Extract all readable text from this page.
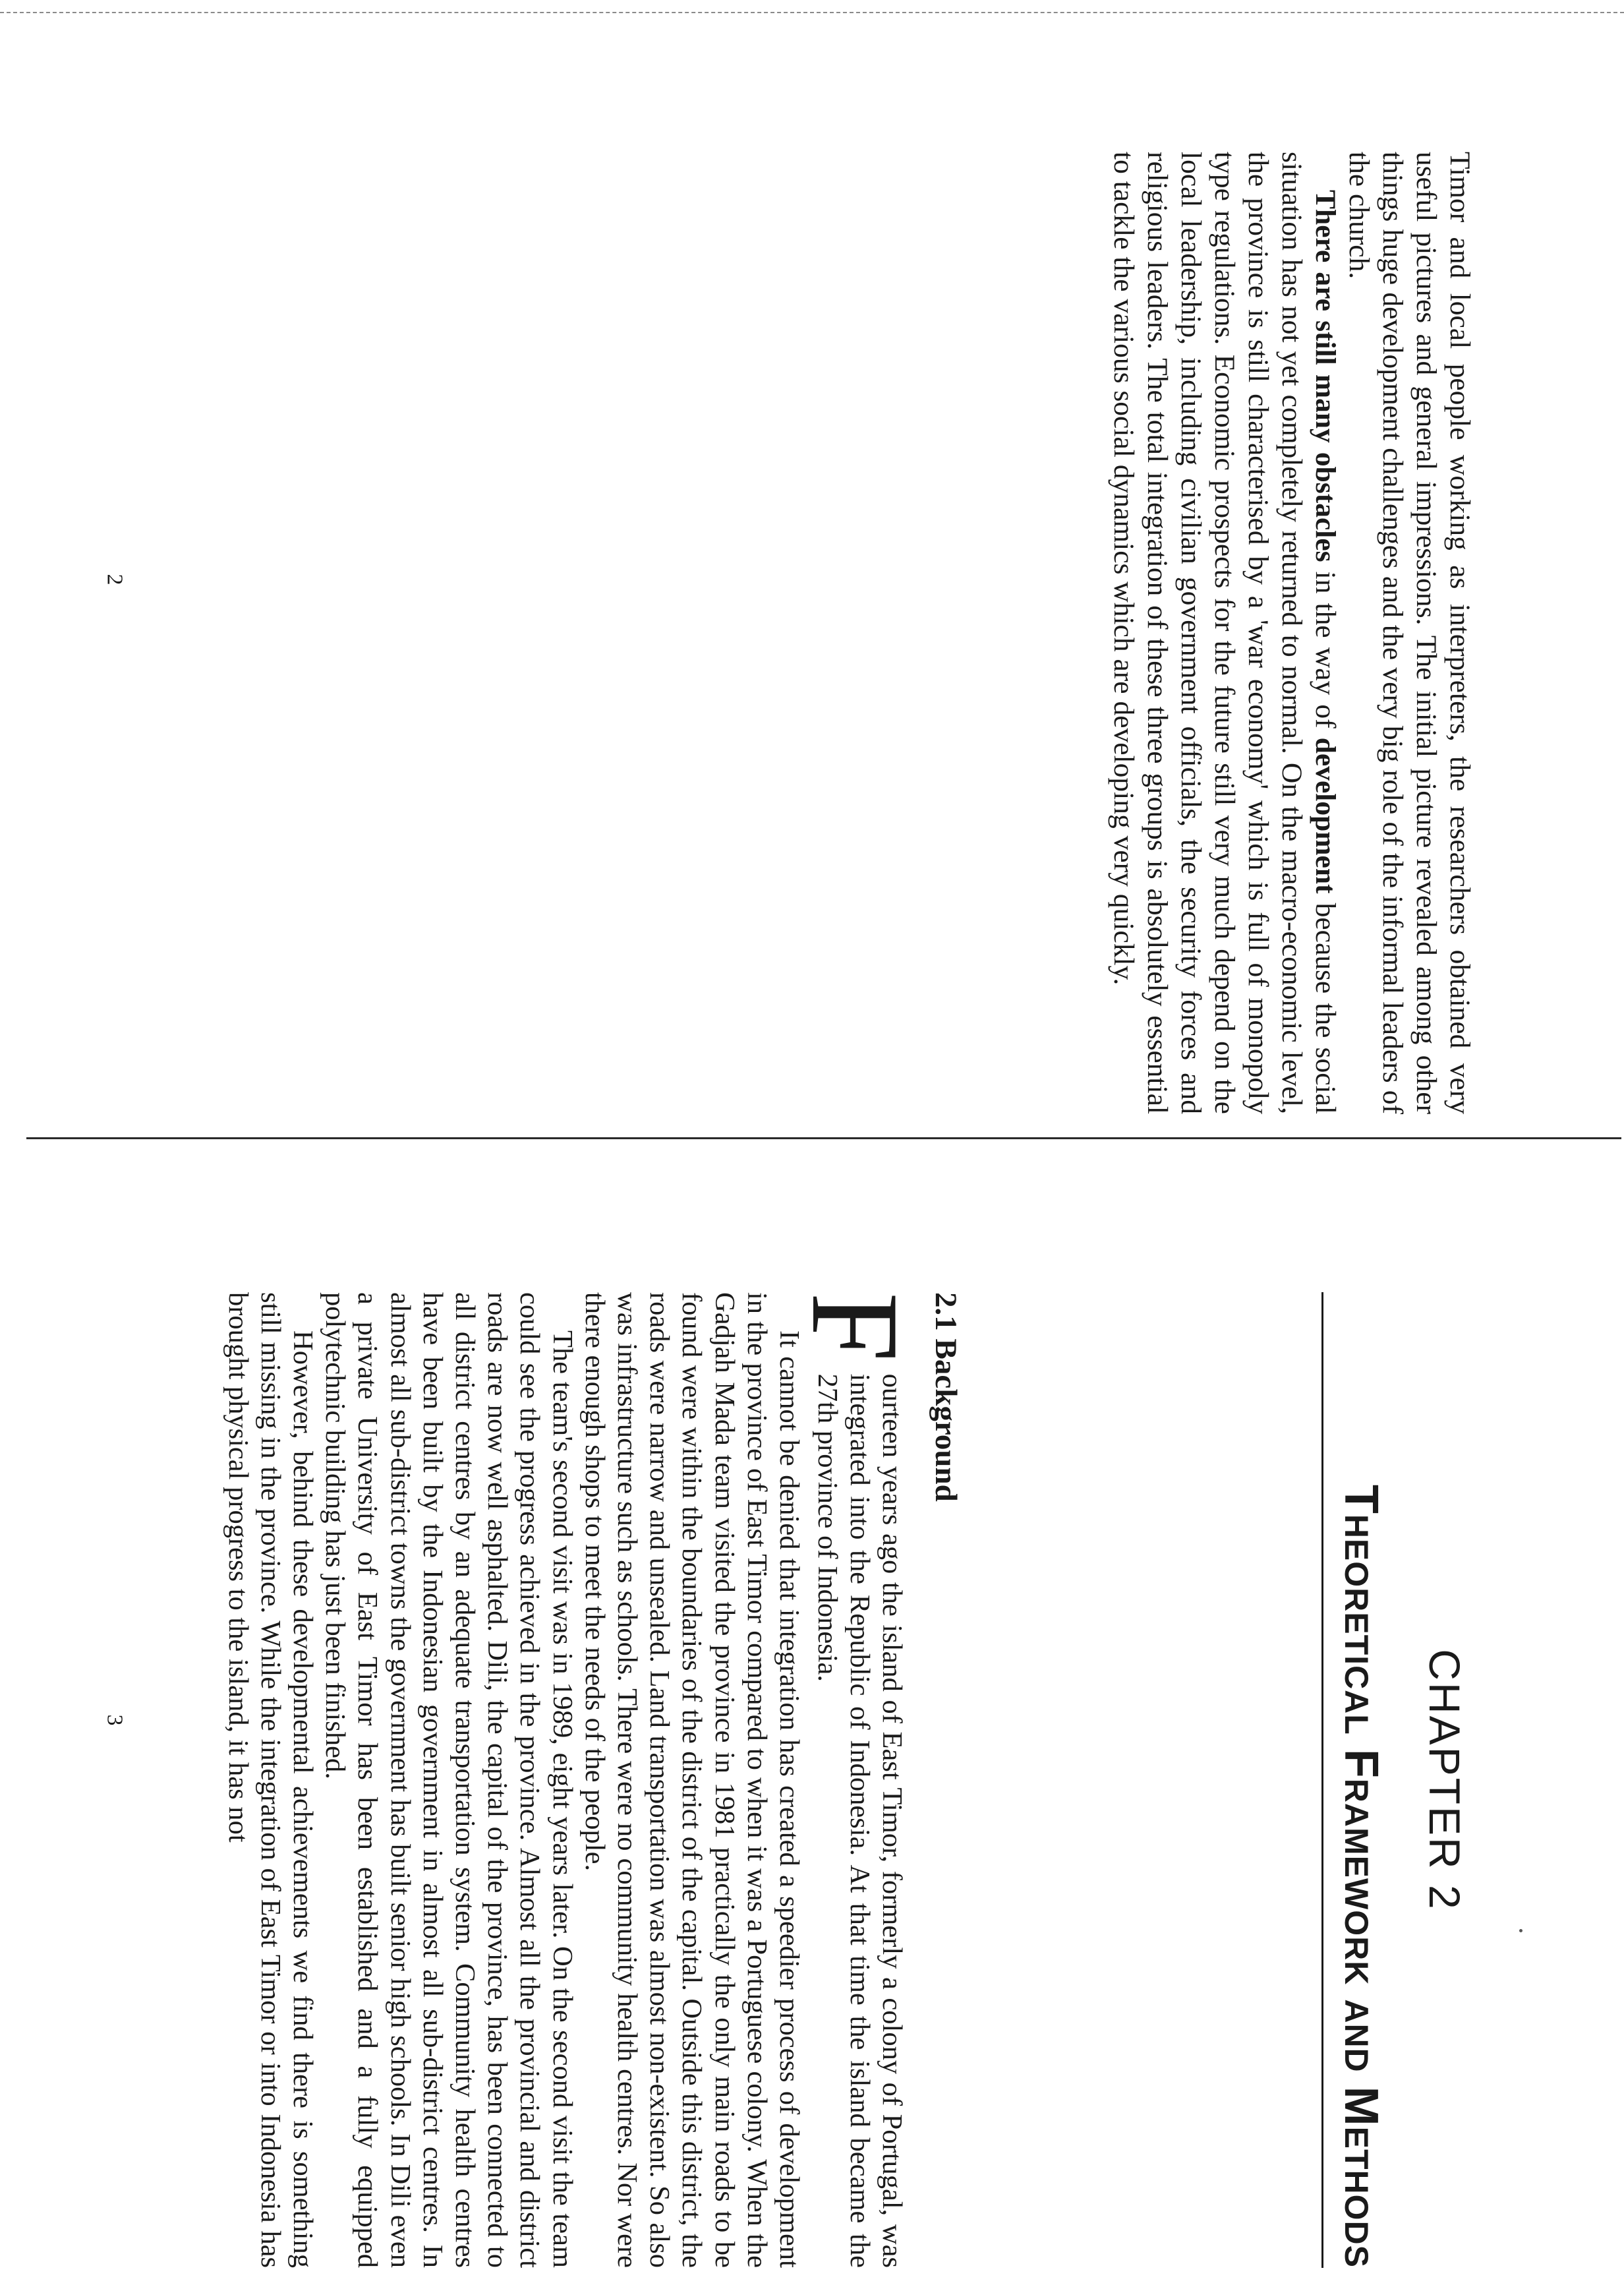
Timor and local people working as interpreters, the researchers obtained very useful pictures and general impressions. The initial picture revealed among other things huge development challenges and the very big role of the informal leaders of the church.

There are still many obstacles in the way of development because the social situation has not yet completely returned to normal. On the macro-economic level, the province is still characterised by a 'war economy' which is full of monopoly type regulations. Economic prospects for the future still very much depend on the local leadership, including civilian government officials, the security forces and religious leaders. The total integration of these three groups is absolutely essential to tackle the various social dynamics which are developing very quickly.

2

CHAPTER 2

Theoretical Framework and Methods

2.1 Background

F
ourteen years ago the island of East Timor, formerly a colony of Portugal, was integrated into the Republic of Indonesia. At that time the island became the 27th province of Indonesia.

It cannot be denied that integration has created a speedier process of development in the province of East Timor compared to when it was a Portuguese colony. When the Gadjah Mada team visited the province in 1981 practically the only main roads to be found were within the boundaries of the district of the capital. Outside this district, the roads were narrow and unsealed. Land transportation was almost non-existent. So also was infrastructure such as schools. There were no community health centres. Nor were there enough shops to meet the needs of the people.

The team's second visit was in 1989, eight years later. On the second visit the team could see the progress achieved in the province. Almost all the provincial and district roads are now well asphalted. Dili, the capital of the province, has been connected to all district centres by an adequate transportation system. Community health centres have been built by the Indonesian government in almost all sub-district centres. In almost all sub-district towns the government has built senior high schools. In Dili even a private University of East Timor has been established and a fully equipped polytechnic building has just been finished.

However, behind these developmental achievements we find there is something still missing in the province. While the integration of East Timor or into Indonesia has brought physical progress to the island, it has not

3
